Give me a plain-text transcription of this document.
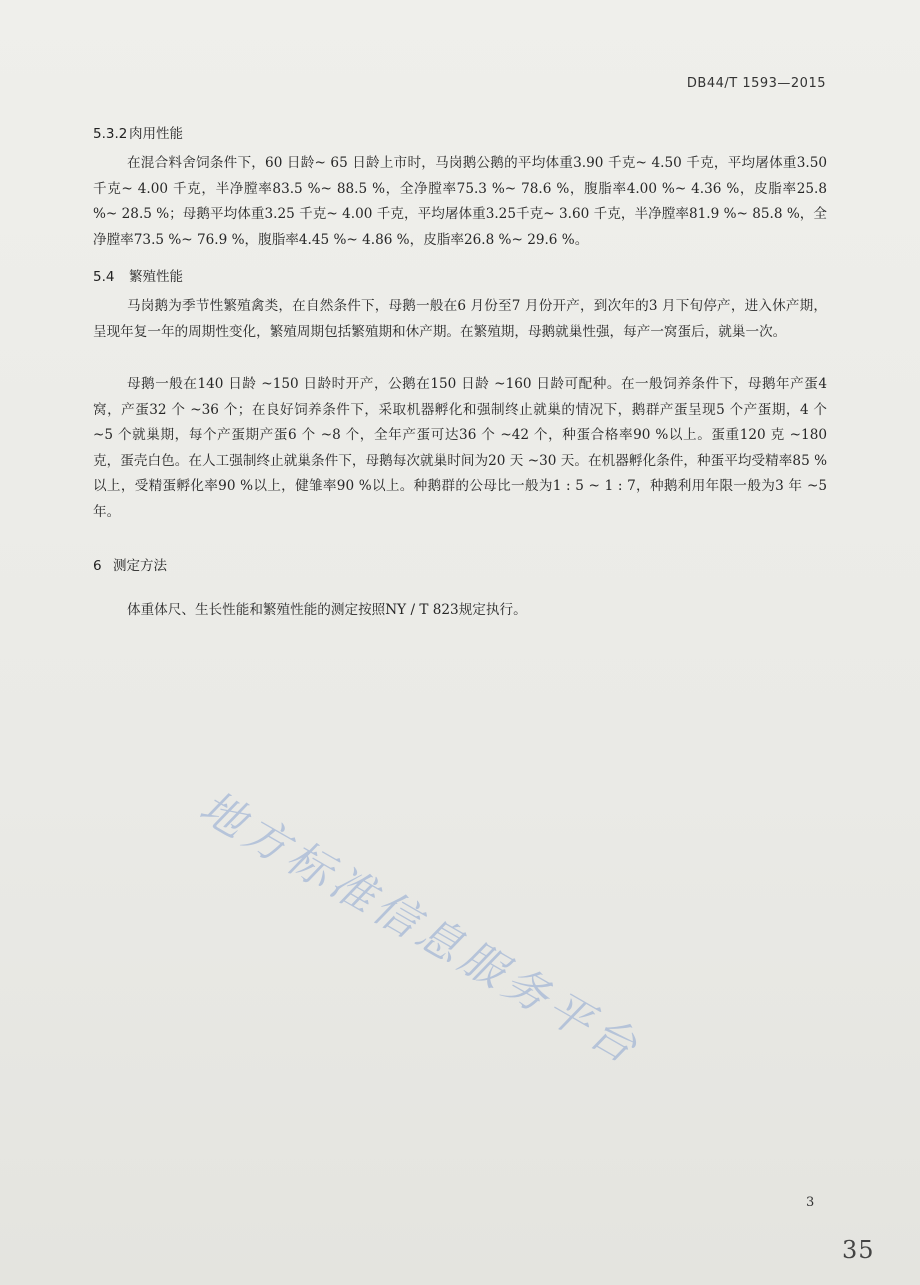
DB44/T 1593—2015
5.3.2 肉用性能
在混合料舍饲条件下，60 日龄~ 65 日龄上市时，马岗鹅公鹅的平均体重3.90 千克~ 4.50 千克，平均屠体重3.50 千克~ 4.00 千克，半净膛率83.5 %~ 88.5 %，全净膛率75.3 %~ 78.6 %，腹脂率4.00 %~ 4.36 %，皮脂率25.8 %~ 28.5 %；母鹅平均体重3.25 千克~ 4.00 千克，平均屠体重3.25千克~ 3.60 千克，半净膛率81.9 %~ 85.8 %，全净膛率73.5 %~ 76.9 %，腹脂率4.45 %~ 4.86 %，皮脂率26.8 %~ 29.6 %。
5.4 繁殖性能
马岗鹅为季节性繁殖禽类，在自然条件下，母鹅一般在6 月份至7 月份开产，到次年的3 月下旬停产，进入休产期，呈现年复一年的周期性变化，繁殖周期包括繁殖期和休产期。在繁殖期，母鹅就巢性强，每产一窝蛋后，就巢一次。
母鹅一般在140 日龄 ~150 日龄时开产，公鹅在150 日龄 ~160 日龄可配种。在一般饲养条件下，母鹅年产蛋4 窝，产蛋32 个 ~36 个；在良好饲养条件下，采取机器孵化和强制终止就巢的情况下，鹅群产蛋呈现5 个产蛋期，4 个 ~5 个就巢期，每个产蛋期产蛋6 个 ~8 个，全年产蛋可达36 个 ~42 个，种蛋合格率90 %以上。蛋重120 克 ~180 克，蛋壳白色。在人工强制终止就巢条件下，母鹅每次就巢时间为20 天 ~30 天。在机器孵化条件，种蛋平均受精率85 %以上，受精蛋孵化率90 %以上，健雏率90 %以上。种鹅群的公母比一般为1 : 5 ~ 1 : 7，种鹅利用年限一般为3 年 ~5 年。
6 测定方法
体重体尺、生长性能和繁殖性能的测定按照NY / T 823规定执行。
地方标准信息服务平台
3
35
